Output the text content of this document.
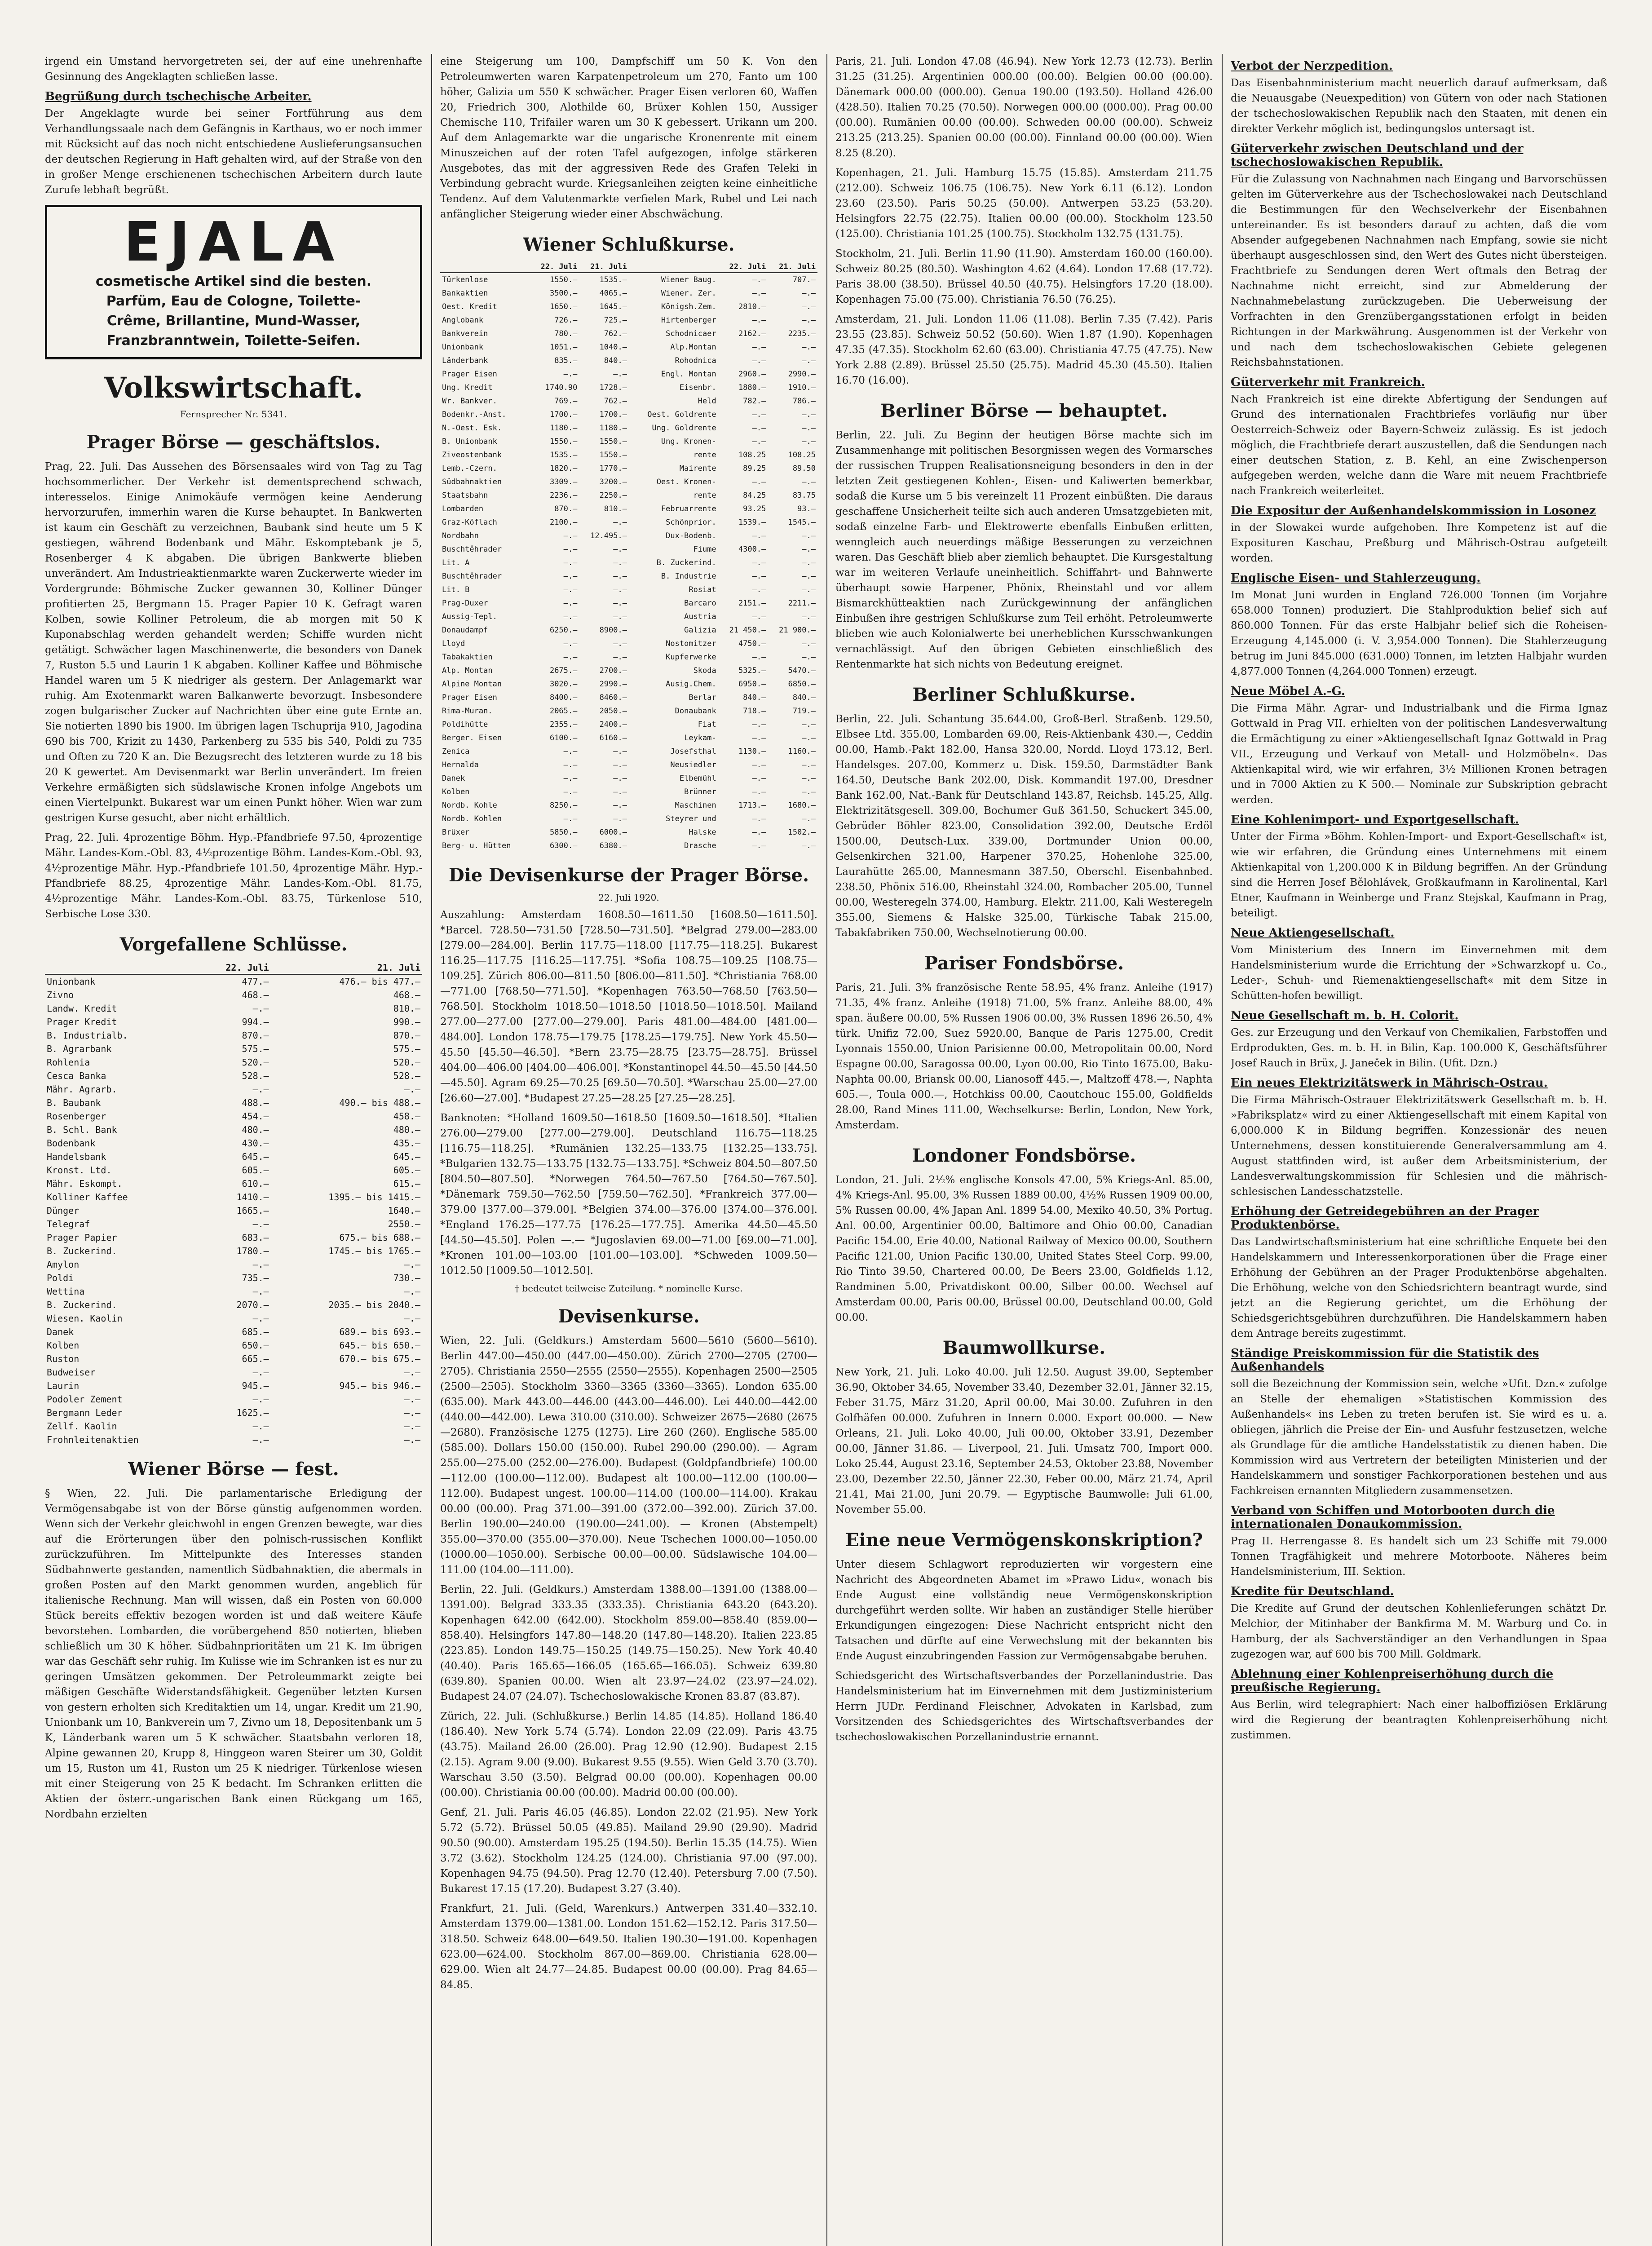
irgend ein Umstand hervorgetreten sei, der auf eine unehrenhafte Gesinnung des Angeklagten schließen lasse.

Begrüßung durch tschechische Arbeiter.

Der Angeklagte wurde bei seiner Fortführung aus dem Verhandlungssaale nach dem Gefängnis in Karthaus, wo er noch immer mit Rücksicht auf das noch nicht entschiedene Auslieferungsansuchen der deutschen Regierung in Haft gehalten wird, auf der Straße von den in großer Menge erschienenen tschechischen Arbeitern durch laute Zurufe lebhaft begrüßt.

EJALA
cosmetische Artikel sind die besten.
Parfüm, Eau de Cologne, Toilette-
Crême, Brillantine, Mund-Wasser,
Franzbranntwein, Toilette-Seifen.
Volkswirtschaft.
Fernsprecher Nr. 5341.
Prager Börse — geschäftslos.

Prag, 22. Juli. Das Aussehen des Börsensaales wird von Tag zu Tag hochsommerlicher. Der Verkehr ist dementsprechend schwach, interesselos. Einige Animokäufe vermögen keine Aenderung hervorzurufen, immerhin waren die Kurse behauptet. In Bankwerten ist kaum ein Geschäft zu verzeichnen, Baubank sind heute um 5 K gestiegen, während Bodenbank und Mähr. Eskomptebank je 5, Rosenberger 4 K abgaben. Die übrigen Bankwerte blieben unverändert. Am Industrieaktienmarkte waren Zuckerwerte wieder im Vordergrunde: Böhmische Zucker gewannen 30, Kolliner Dünger profitierten 25, Bergmann 15. Prager Papier 10 K. Gefragt waren Kolben, sowie Kolliner Petroleum, die ab morgen mit 50 K Kuponabschlag werden gehandelt werden; Schiffe wurden nicht getätigt. Schwächer lagen Maschinenwerte, die besonders von Danek 7, Ruston 5.5 und Laurin 1 K abgaben. Kolliner Kaffee und Böhmische Handel waren um 5 K niedriger als gestern. Der Anlagemarkt war ruhig. Am Exotenmarkt waren Balkanwerte bevorzugt. Insbesondere zogen bulgarischer Zucker auf Nachrichten über eine gute Ernte an. Sie notierten 1890 bis 1900. Im übrigen lagen Tschuprija 910, Jagodina 690 bis 700, Krizit zu 1430, Parkenberg zu 535 bis 540, Poldi zu 735 und Often zu 720 K an. Die Bezugsrecht des letzteren wurde zu 18 bis 20 K gewertet. Am Devisenmarkt war Berlin unverändert. Im freien Verkehre ermäßigten sich südslawische Kronen infolge Angebots um einen Viertelpunkt. Bukarest war um einen Punkt höher. Wien war zum gestrigen Kurse gesucht, aber nicht erhältlich.

Prag, 22. Juli. 4prozentige Böhm. Hyp.-Pfandbriefe 97.50, 4prozentige Mähr. Landes-Kom.-Obl. 83, 4½prozentige Böhm. Landes-Kom.-Obl. 93, 4½prozentige Mähr. Hyp.-Pfandbriefe 101.50, 4prozentige Mähr. Hyp.-Pfandbriefe 88.25, 4prozentige Mähr. Landes-Kom.-Obl. 81.75, 4½prozentige Mähr. Landes-Kom.-Obl. 83.75, Türkenlose 510, Serbische Lose 330.

Vorgefallene Schlüsse.
	22. Juli	21. Juli
Unionbank	477.—	476.— bis 477.—
Zivno	468.—	468.—
Landw. Kredit	—.—	810.—
Prager Kredit	994.—	990.—
B. Industrialb.	870.—	870.—
B. Agrarbank	575.—	575.—
Rohlenia	520.—	520.—
Cesca Banka	528.—	528.—
Mähr. Agrarb.	—.—	—.—
B. Baubank	488.—	490.— bis 488.—
Rosenberger	454.—	458.—
B. Schl. Bank	480.—	480.—
Bodenbank	430.—	435.—
Handelsbank	645.—	645.—
Kronst. Ltd.	605.—	605.—
Mähr. Eskompt.	610.—	615.—
Kolliner Kaffee	1410.—	1395.— bis 1415.—
Dünger	1665.—	1640.—
Telegraf	—.—	2550.—
Prager Papier	683.—	675.— bis 688.—
B. Zuckerind.	1780.—	1745.— bis 1765.—
Amylon	—.—	—.—
Poldi	735.—	730.—
Wettina	—.—	—.—
B. Zuckerind.	2070.—	2035.— bis 2040.—
Wiesen. Kaolin	—.—	—.—
Danek	685.—	689.— bis 693.—
Kolben	650.—	645.— bis 650.—
Ruston	665.—	670.— bis 675.—
Budweiser	—.—	—.—
Laurin	945.—	945.— bis 946.—
Podoler Zement	—.—	—.—
Bergmann Leder	1625.—	—.—
Zellf. Kaolin	—.—	—.—
Frohnleitenaktien	—.—	—.—
Wiener Börse — fest.

§ Wien, 22. Juli. Die parlamentarische Erledigung der Vermögensabgabe ist von der Börse günstig aufgenommen worden. Wenn sich der Verkehr gleichwohl in engen Grenzen bewegte, war dies auf die Erörterungen über den polnisch-russischen Konflikt zurückzuführen. Im Mittelpunkte des Interesses standen Südbahnwerte gestanden, namentlich Südbahnaktien, die abermals in großen Posten auf den Markt genommen wurden, angeblich für italienische Rechnung. Man will wissen, daß ein Posten von 60.000 Stück bereits effektiv bezogen worden ist und daß weitere Käufe bevorstehen. Lombarden, die vorübergehend 850 notierten, blieben schließlich um 30 K höher. Südbahnprioritäten um 21 K. Im übrigen war das Geschäft sehr ruhig. Im Kulisse wie im Schranken ist es nur zu geringen Umsätzen gekommen. Der Petroleummarkt zeigte bei mäßigen Geschäfte Widerstandsfähigkeit. Gegenüber letzten Kursen von gestern erholten sich Kreditaktien um 14, ungar. Kredit um 21.90, Unionbank um 10, Bankverein um 7, Zivno um 18, Depositenbank um 5 K, Länderbank waren um 5 K schwächer. Staatsbahn verloren 18, Alpine gewannen 20, Krupp 8, Hinggeon waren Steirer um 30, Goldit um 15, Ruston um 41, Ruston um 25 K niedriger. Türkenlose wiesen mit einer Steigerung von 25 K bedacht. Im Schranken erlitten die Aktien der österr.-ungarischen Bank einen Rückgang um 165, Nordbahn erzielten

eine Steigerung um 100, Dampfschiff um 50 K. Von den Petroleumwerten waren Karpatenpetroleum um 270, Fanto um 100 höher, Galizia um 550 K schwächer. Prager Eisen verloren 60, Waffen 20, Friedrich 300, Alothilde 60, Brüxer Kohlen 150, Aussiger Chemische 110, Trifailer waren um 30 K gebessert. Urikann um 200. Auf dem Anlagemarkte war die ungarische Kronenrente mit einem Minuszeichen auf der roten Tafel aufgezogen, infolge stärkeren Ausgebotes, das mit der aggressiven Rede des Grafen Teleki in Verbindung gebracht wurde. Kriegsanleihen zeigten keine einheitliche Tendenz. Auf dem Valutenmarkte verfielen Mark, Rubel und Lei nach anfänglicher Steigerung wieder einer Abschwächung.

Wiener Schlußkurse.
	22. Juli	21. Juli		22. Juli	21. Juli
Türkenlose	1550.—	1535.—	Wiener Baug.	—.—	707.—
Bankaktien	3500.—	4065.—	Wiener. Zer.	—.—	—.—
Oest. Kredit	1650.—	1645.—	Königsh.Zem.	2810.—	—.—
Anglobank	726.—	725.—	Hirtenberger	—.—	—.—
Bankverein	780.—	762.—	Schodnicaer	2162.—	2235.—
Unionbank	1051.—	1040.—	Alp.Montan	—.—	—.—
Länderbank	835.—	840.—	Rohodnica	—.—	—.—
Prager Eisen	—.—	—.—	Engl. Montan	2960.—	2990.—
Ung. Kredit	1740.90	1728.—	Eisenbr.	1880.—	1910.—
Wr. Bankver.	769.—	762.—	Held	782.—	786.—
Bodenkr.-Anst.	1700.—	1700.—	Oest. Goldrente	—.—	—.—
N.-Oest. Esk.	1180.—	1180.—	Ung. Goldrente	—.—	—.—
B. Unionbank	1550.—	1550.—	Ung. Kronen-	—.—	—.—
Ziveostenbank	1535.—	1550.—	rente	108.25	108.25
Lemb.-Czern.	1820.—	1770.—	Mairente	89.25	89.50
Südbahnaktien	3309.—	3200.—	Oest. Kronen-	—.—	—.—
Staatsbahn	2236.—	2250.—	rente	84.25	83.75
Lombarden	870.—	810.—	Februarrente	93.25	93.—
Graz-Köflach	2100.—	—.—	Schönprior.	1539.—	1545.—
Nordbahn	—.—	12.495.—	Dux-Bodenb.	—.—	—.—
Buschtěhrader	—.—	—.—	Fiume	4300.—	—.—
Lit. A	—.—	—.—	B. Zuckerind.	—.—	—.—
Buschtěhrader	—.—	—.—	B. Industrie	—.—	—.—
Lit. B	—.—	—.—	Rosiat	—.—	—.—
Prag-Duxer	—.—	—.—	Barcaro	2151.—	2211.—
Aussig-Tepl.	—.—	—.—	Austria	—.—	—.—
Donaudampf	6250.—	8900.—	Galizia	21 450.—	21 900.—
Lloyd	—.—	—.—	Nostomitzer	4750.—	—.—
Tabakaktien	—.—	—.—	Kupferwerke	—.—	—.—
Alp. Montan	2675.—	2700.—	Skoda	5325.—	5470.—
Alpine Montan	3020.—	2990.—	Ausig.Chem.	6950.—	6850.—
Prager Eisen	8400.—	8460.—	Berlar	840.—	840.—
Rima-Muran.	2065.—	2050.—	Donaubank	718.—	719.—
Poldihütte	2355.—	2400.—	Fiat	—.—	—.—
Berger. Eisen	6100.—	6160.—	Leykam-	—.—	—.—
Zenica	—.—	—.—	Josefsthal	1130.—	1160.—
Hernalda	—.—	—.—	Neusiedler	—.—	—.—
Danek	—.—	—.—	Elbemühl	—.—	—.—
Kolben	—.—	—.—	Brünner	—.—	—.—
Nordb. Kohle	8250.—	—.—	Maschinen	1713.—	1680.—
Nordb. Kohlen	—.—	—.—	Steyrer und	—.—	—.—
Brüxer	5850.—	6000.—	Halske	—.—	1502.—
Berg- u. Hütten	6300.—	6380.—	Drasche	—.—	—.—
Die Devisenkurse der Prager Börse.
22. Juli 1920.

Auszahlung: Amsterdam 1608.50—1611.50 [1608.50—1611.50]. *Barcel. 728.50—731.50 [728.50—731.50]. *Belgrad 279.00—283.00 [279.00—284.00]. Berlin 117.75—118.00 [117.75—118.25]. Bukarest 116.25—117.75 [116.25—117.75]. *Sofia 108.75—109.25 [108.75—109.25]. Zürich 806.00—811.50 [806.00—811.50]. *Christiania 768.00—771.00 [768.50—771.50]. *Kopenhagen 763.50—768.50 [763.50—768.50]. Stockholm 1018.50—1018.50 [1018.50—1018.50]. Mailand 277.00—277.00 [277.00—279.00]. Paris 481.00—484.00 [481.00—484.00]. London 178.75—179.75 [178.25—179.75]. New York 45.50—45.50 [45.50—46.50]. *Bern 23.75—28.75 [23.75—28.75]. Brüssel 404.00—406.00 [404.00—406.00]. *Konstantinopel 44.50—45.50 [44.50—45.50]. Agram 69.25—70.25 [69.50—70.50]. *Warschau 25.00—27.00 [26.60—27.00]. *Budapest 27.25—28.25 [27.25—28.25].

Banknoten: *Holland 1609.50—1618.50 [1609.50—1618.50]. *Italien 276.00—279.00 [277.00—279.00]. Deutschland 116.75—118.25 [116.75—118.25]. *Rumänien 132.25—133.75 [132.25—133.75]. *Bulgarien 132.75—133.75 [132.75—133.75]. *Schweiz 804.50—807.50 [804.50—807.50]. *Norwegen 764.50—767.50 [764.50—767.50]. *Dänemark 759.50—762.50 [759.50—762.50]. *Frankreich 377.00—379.00 [377.00—379.00]. *Belgien 374.00—376.00 [374.00—376.00]. *England 176.25—177.75 [176.25—177.75]. Amerika 44.50—45.50 [44.50—45.50]. Polen —.— *Jugoslavien 69.00—71.00 [69.00—71.00]. *Kronen 101.00—103.00 [101.00—103.00]. *Schweden 1009.50—1012.50 [1009.50—1012.50].

† bedeutet teilweise Zuteilung. * nominelle Kurse.
Devisenkurse.

Wien, 22. Juli. (Geldkurs.) Amsterdam 5600—5610 (5600—5610). Berlin 447.00—450.00 (447.00—450.00). Zürich 2700—2705 (2700—2705). Christiania 2550—2555 (2550—2555). Kopenhagen 2500—2505 (2500—2505). Stockholm 3360—3365 (3360—3365). London 635.00 (635.00). Mark 443.00—446.00 (443.00—446.00). Lei 440.00—442.00 (440.00—442.00). Lewa 310.00 (310.00). Schweizer 2675—2680 (2675—2680). Französische 1275 (1275). Lire 260 (260). Englische 585.00 (585.00). Dollars 150.00 (150.00). Rubel 290.00 (290.00). — Agram 255.00—275.00 (252.00—276.00). Budapest (Goldpfandbriefe) 100.00—112.00 (100.00—112.00). Budapest alt 100.00—112.00 (100.00—112.00). Budapest ungest. 100.00—114.00 (100.00—114.00). Krakau 00.00 (00.00). Prag 371.00—391.00 (372.00—392.00). Zürich 37.00. Berlin 190.00—240.00 (190.00—241.00). — Kronen (Abstempelt) 355.00—370.00 (355.00—370.00). Neue Tschechen 1000.00—1050.00 (1000.00—1050.00). Serbische 00.00—00.00. Südslawische 104.00—111.00 (104.00—111.00).

Berlin, 22. Juli. (Geldkurs.) Amsterdam 1388.00—1391.00 (1388.00—1391.00). Belgrad 333.35 (333.35). Christiania 643.20 (643.20). Kopenhagen 642.00 (642.00). Stockholm 859.00—858.40 (859.00—858.40). Helsingfors 147.80—148.20 (147.80—148.20). Italien 223.85 (223.85). London 149.75—150.25 (149.75—150.25). New York 40.40 (40.40). Paris 165.65—166.05 (165.65—166.05). Schweiz 639.80 (639.80). Spanien 00.00. Wien alt 23.97—24.02 (23.97—24.02). Budapest 24.07 (24.07). Tschechoslowakische Kronen 83.87 (83.87).

Zürich, 22. Juli. (Schlußkurse.) Berlin 14.85 (14.85). Holland 186.40 (186.40). New York 5.74 (5.74). London 22.09 (22.09). Paris 43.75 (43.75). Mailand 26.00 (26.00). Prag 12.90 (12.90). Budapest 2.15 (2.15). Agram 9.00 (9.00). Bukarest 9.55 (9.55). Wien Geld 3.70 (3.70). Warschau 3.50 (3.50). Belgrad 00.00 (00.00). Kopenhagen 00.00 (00.00). Christiania 00.00 (00.00). Madrid 00.00 (00.00).

Genf, 21. Juli. Paris 46.05 (46.85). London 22.02 (21.95). New York 5.72 (5.72). Brüssel 50.05 (49.85). Mailand 29.90 (29.90). Madrid 90.50 (90.00). Amsterdam 195.25 (194.50). Berlin 15.35 (14.75). Wien 3.72 (3.62). Stockholm 124.25 (124.00). Christiania 97.00 (97.00). Kopenhagen 94.75 (94.50). Prag 12.70 (12.40). Petersburg 7.00 (7.50). Bukarest 17.15 (17.20). Budapest 3.27 (3.40).

Frankfurt, 21. Juli. (Geld, Warenkurs.) Antwerpen 331.40—332.10. Amsterdam 1379.00—1381.00. London 151.62—152.12. Paris 317.50—318.50. Schweiz 648.00—649.50. Italien 190.30—191.00. Kopenhagen 623.00—624.00. Stockholm 867.00—869.00. Christiania 628.00—629.00. Wien alt 24.77—24.85. Budapest 00.00 (00.00). Prag 84.65—84.85.

Paris, 21. Juli. London 47.08 (46.94). New York 12.73 (12.73). Berlin 31.25 (31.25). Argentinien 000.00 (00.00). Belgien 00.00 (00.00). Dänemark 000.00 (000.00). Genua 190.00 (193.50). Holland 426.00 (428.50). Italien 70.25 (70.50). Norwegen 000.00 (000.00). Prag 00.00 (00.00). Rumänien 00.00 (00.00). Schweden 00.00 (00.00). Schweiz 213.25 (213.25). Spanien 00.00 (00.00). Finnland 00.00 (00.00). Wien 8.25 (8.20).

Kopenhagen, 21. Juli. Hamburg 15.75 (15.85). Amsterdam 211.75 (212.00). Schweiz 106.75 (106.75). New York 6.11 (6.12). London 23.60 (23.50). Paris 50.25 (50.00). Antwerpen 53.25 (53.20). Helsingfors 22.75 (22.75). Italien 00.00 (00.00). Stockholm 123.50 (125.00). Christiania 101.25 (100.75). Stockholm 132.75 (131.75).

Stockholm, 21. Juli. Berlin 11.90 (11.90). Amsterdam 160.00 (160.00). Schweiz 80.25 (80.50). Washington 4.62 (4.64). London 17.68 (17.72). Paris 38.00 (38.50). Brüssel 40.50 (40.75). Helsingfors 17.20 (18.00). Kopenhagen 75.00 (75.00). Christiania 76.50 (76.25).

Amsterdam, 21. Juli. London 11.06 (11.08). Berlin 7.35 (7.42). Paris 23.55 (23.85). Schweiz 50.52 (50.60). Wien 1.87 (1.90). Kopenhagen 47.35 (47.35). Stockholm 62.60 (63.00). Christiania 47.75 (47.75). New York 2.88 (2.89). Brüssel 25.50 (25.75). Madrid 45.30 (45.50). Italien 16.70 (16.00).

Berliner Börse — behauptet.

Berlin, 22. Juli. Zu Beginn der heutigen Börse machte sich im Zusammenhange mit politischen Besorgnissen wegen des Vormarsches der russischen Truppen Realisationsneigung besonders in den in der letzten Zeit gestiegenen Kohlen-, Eisen- und Kaliwerten bemerkbar, sodaß die Kurse um 5 bis vereinzelt 11 Prozent einbüßten. Die daraus geschaffene Unsicherheit teilte sich auch anderen Umsatzgebieten mit, sodaß einzelne Farb- und Elektrowerte ebenfalls Einbußen erlitten, wenngleich auch neuerdings mäßige Besserungen zu verzeichnen waren. Das Geschäft blieb aber ziemlich behauptet. Die Kursgestaltung war im weiteren Verlaufe uneinheitlich. Schiffahrt- und Bahnwerte überhaupt sowie Harpener, Phönix, Rheinstahl und vor allem Bismarckhütteaktien nach Zurückgewinnung der anfänglichen Einbußen ihre gestrigen Schlußkurse zum Teil erhöht. Petroleumwerte blieben wie auch Kolonialwerte bei unerheblichen Kursschwankungen vernachlässigt. Auf den übrigen Gebieten einschließlich des Rentenmarkte hat sich nichts von Bedeutung ereignet.

Berliner Schlußkurse.

Berlin, 22. Juli. Schantung 35.644.00, Groß-Berl. Straßenb. 129.50, Elbsee Ltd. 355.00, Lombarden 69.00, Reis-Aktienbank 430.—, Ceddin 00.00, Hamb.-Pakt 182.00, Hansa 320.00, Nordd. Lloyd 173.12, Berl. Handelsges. 207.00, Kommerz u. Disk. 159.50, Darmstädter Bank 164.50, Deutsche Bank 202.00, Disk. Kommandit 197.00, Dresdner Bank 162.00, Nat.-Bank für Deutschland 143.87, Reichsb. 145.25, Allg. Elektrizitätsgesell. 309.00, Bochumer Guß 361.50, Schuckert 345.00, Gebrüder Böhler 823.00, Consolidation 392.00, Deutsche Erdöl 1500.00, Deutsch-Lux. 339.00, Dortmunder Union 00.00, Gelsenkirchen 321.00, Harpener 370.25, Hohenlohe 325.00, Laurahütte 265.00, Mannesmann 387.50, Oberschl. Eisenbahnbed. 238.50, Phönix 516.00, Rheinstahl 324.00, Rombacher 205.00, Tunnel 00.00, Westeregeln 374.00, Hamburg. Elektr. 211.00, Kali Westeregeln 355.00, Siemens & Halske 325.00, Türkische Tabak 215.00, Tabakfabriken 750.00, Wechselnotierung 00.00.

Pariser Fondsbörse.

Paris, 21. Juli. 3% französische Rente 58.95, 4% franz. Anleihe (1917) 71.35, 4% franz. Anleihe (1918) 71.00, 5% franz. Anleihe 88.00, 4% span. äußere 00.00, 5% Russen 1906 00.00, 3% Russen 1896 26.50, 4% türk. Unifiz 72.00, Suez 5920.00, Banque de Paris 1275.00, Credit Lyonnais 1550.00, Union Parisienne 00.00, Metropolitain 00.00, Nord Espagne 00.00, Saragossa 00.00, Lyon 00.00, Rio Tinto 1675.00, Baku-Naphta 00.00, Briansk 00.00, Lianosoff 445.—, Maltzoff 478.—, Naphta 605.—, Toula 000.—, Hotchkiss 00.00, Caoutchouc 155.00, Goldfields 28.00, Rand Mines 111.00, Wechselkurse: Berlin, London, New York, Amsterdam.

Londoner Fondsbörse.

London, 21. Juli. 2½% englische Konsols 47.00, 5% Kriegs-Anl. 85.00, 4% Kriegs-Anl. 95.00, 3% Russen 1889 00.00, 4½% Russen 1909 00.00, 5% Russen 00.00, 4% Japan Anl. 1899 54.00, Mexiko 40.50, 3% Portug. Anl. 00.00, Argentinier 00.00, Baltimore and Ohio 00.00, Canadian Pacific 154.00, Erie 40.00, National Railway of Mexico 00.00, Southern Pacific 121.00, Union Pacific 130.00, United States Steel Corp. 99.00, Rio Tinto 39.50, Chartered 00.00, De Beers 23.00, Goldfields 1.12, Randminen 5.00, Privatdiskont 00.00, Silber 00.00. Wechsel auf Amsterdam 00.00, Paris 00.00, Brüssel 00.00, Deutschland 00.00, Gold 00.00.

Baumwollkurse.

New York, 21. Juli. Loko 40.00. Juli 12.50. August 39.00, September 36.90, Oktober 34.65, November 33.40, Dezember 32.01, Jänner 32.15, Feber 31.75, März 31.20, April 00.00, Mai 30.00. Zufuhren in den Golfhäfen 00.000. Zufuhren in Innern 0.000. Export 00.000. — New Orleans, 21. Juli. Loko 40.00, Juli 00.00, Oktober 33.91, Dezember 00.00, Jänner 31.86. — Liverpool, 21. Juli. Umsatz 700, Import 000. Loko 25.44, August 23.16, September 24.53, Oktober 23.88, November 23.00, Dezember 22.50, Jänner 22.30, Feber 00.00, März 21.74, April 21.41, Mai 21.00, Juni 20.79. — Egyptische Baumwolle: Juli 61.00, November 55.00.

Eine neue Vermögenskonskription?

Unter diesem Schlagwort reproduzierten wir vorgestern eine Nachricht des Abgeordneten Abamet im »Prawo Lidu«, wonach bis Ende August eine vollständig neue Vermögenskonskription durchgeführt werden sollte. Wir haben an zuständiger Stelle hierüber Erkundigungen eingezogen: Diese Nachricht entspricht nicht den Tatsachen und dürfte auf eine Verwechslung mit der bekannten bis Ende August einzubringenden Fassion zur Vermögensabgabe beruhen.

Schiedsgericht des Wirtschaftsverbandes der Porzellanindustrie. Das Handelsministerium hat im Einvernehmen mit dem Justizministerium Herrn JUDr. Ferdinand Fleischner, Advokaten in Karlsbad, zum Vorsitzenden des Schiedsgerichtes des Wirtschaftsverbandes der tschechoslowakischen Porzellanindustrie ernannt.

Verbot der Nerzpedition.

Das Eisenbahnministerium macht neuerlich darauf aufmerksam, daß die Neuausgabe (Neuexpedition) von Gütern von oder nach Stationen der tschechoslowakischen Republik nach den Staaten, mit denen ein direkter Verkehr möglich ist, bedingungslos untersagt ist.

Güterverkehr zwischen Deutschland und der tschechoslowakischen Republik.

Für die Zulassung von Nachnahmen nach Eingang und Barvorschüssen gelten im Güterverkehre aus der Tschechoslowakei nach Deutschland die Bestimmungen für den Wechselverkehr der Eisenbahnen untereinander. Es ist besonders darauf zu achten, daß die vom Absender aufgegebenen Nachnahmen nach Empfang, sowie sie nicht überhaupt ausgeschlossen sind, den Wert des Gutes nicht übersteigen. Frachtbriefe zu Sendungen deren Wert oftmals den Betrag der Nachnahme nicht erreicht, sind zur Abmelderung der Nachnahmebelastung zurückzugeben. Die Ueberweisung der Vorfrachten in den Grenzübergangsstationen erfolgt in beiden Richtungen in der Markwährung. Ausgenommen ist der Verkehr von und nach dem tschechoslowakischen Gebiete gelegenen Reichsbahnstationen.

Güterverkehr mit Frankreich.

Nach Frankreich ist eine direkte Abfertigung der Sendungen auf Grund des internationalen Frachtbriefes vorläufig nur über Oesterreich-Schweiz oder Bayern-Schweiz zulässig. Es ist jedoch möglich, die Frachtbriefe derart auszustellen, daß die Sendungen nach einer deutschen Station, z. B. Kehl, an eine Zwischenperson aufgegeben werden, welche dann die Ware mit neuem Frachtbriefe nach Frankreich weiterleitet.

Die Expositur der Außenhandelskommission in Losonez

in der Slowakei wurde aufgehoben. Ihre Kompetenz ist auf die Exposituren Kaschau, Preßburg und Mährisch-Ostrau aufgeteilt worden.

Englische Eisen- und Stahlerzeugung.

Im Monat Juni wurden in England 726.000 Tonnen (im Vorjahre 658.000 Tonnen) produziert. Die Stahlproduktion belief sich auf 860.000 Tonnen. Für das erste Halbjahr belief sich die Roheisen-Erzeugung 4,145.000 (i. V. 3,954.000 Tonnen). Die Stahlerzeugung betrug im Juni 845.000 (631.000) Tonnen, im letzten Halbjahr wurden 4,877.000 Tonnen (4,264.000 Tonnen) erzeugt.

Neue Möbel A.-G.

Die Firma Mähr. Agrar- und Industrialbank und die Firma Ignaz Gottwald in Prag VII. erhielten von der politischen Landesverwaltung die Ermächtigung zu einer »Aktiengesellschaft Ignaz Gottwald in Prag VII., Erzeugung und Verkauf von Metall- und Holzmöbeln«. Das Aktienkapital wird, wie wir erfahren, 3½ Millionen Kronen betragen und in 7000 Aktien zu K 500.— Nominale zur Subskription gebracht werden.

Eine Kohlenimport- und Exportgesellschaft.

Unter der Firma »Böhm. Kohlen-Import- und Export-Gesellschaft« ist, wie wir erfahren, die Gründung eines Unternehmens mit einem Aktienkapital von 1,200.000 K in Bildung begriffen. An der Gründung sind die Herren Josef Bělohlávek, Großkaufmann in Karolinental, Karl Etner, Kaufmann in Weinberge und Franz Stejskal, Kaufmann in Prag, beteiligt.

Neue Aktiengesellschaft.

Vom Ministerium des Innern im Einvernehmen mit dem Handelsministerium wurde die Errichtung der »Schwarzkopf u. Co., Leder-, Schuh- und Riemenaktiengesellschaft« mit dem Sitze in Schütten-hofen bewilligt.

Neue Gesellschaft m. b. H. Colorit.

Ges. zur Erzeugung und den Verkauf von Chemikalien, Farbstoffen und Erdprodukten, Ges. m. b. H. in Bilin, Kap. 100.000 K, Geschäftsführer Josef Rauch in Brüx, J. Janeček in Bilin. (Ufit. Dzn.)

Ein neues Elektrizitätswerk in Mährisch-Ostrau.

Die Firma Mährisch-Ostrauer Elektrizitätswerk Gesellschaft m. b. H. »Fabriksplatz« wird zu einer Aktiengesellschaft mit einem Kapital von 6,000.000 K in Bildung begriffen. Konzessionär des neuen Unternehmens, dessen konstituierende Generalversammlung am 4. August stattfinden wird, ist außer dem Arbeitsministerium, der Landesverwaltungskommission für Schlesien und die mährisch-schlesischen Landesschatzstelle.

Erhöhung der Getreidegebühren an der Prager Produktenbörse.

Das Landwirtschaftsministerium hat eine schriftliche Enquete bei den Handelskammern und Interessenkorporationen über die Frage einer Erhöhung der Gebühren an der Prager Produktenbörse abgehalten. Die Erhöhung, welche von den Schiedsrichtern beantragt wurde, sind jetzt an die Regierung gerichtet, um die Erhöhung der Schiedsgerichtsgebühren durchzuführen. Die Handelskammern haben dem Antrage bereits zugestimmt.

Ständige Preiskommission für die Statistik des Außenhandels

soll die Bezeichnung der Kommission sein, welche »Ufit. Dzn.« zufolge an Stelle der ehemaligen »Statistischen Kommission des Außenhandels« ins Leben zu treten berufen ist. Sie wird es u. a. obliegen, jährlich die Preise der Ein- und Ausfuhr festzusetzen, welche als Grundlage für die amtliche Handelsstatistik zu dienen haben. Die Kommission wird aus Vertretern der beteiligten Ministerien und der Handelskammern und sonstiger Fachkorporationen bestehen und aus Fachkreisen ernannten Mitgliedern zusammensetzen.

Verband von Schiffen und Motorbooten durch die internationalen Donaukommission.

Prag II. Herrengasse 8. Es handelt sich um 23 Schiffe mit 79.000 Tonnen Tragfähigkeit und mehrere Motorboote. Näheres beim Handelsministerium, III. Sektion.

Kredite für Deutschland.

Die Kredite auf Grund der deutschen Kohlenlieferungen schätzt Dr. Melchior, der Mitinhaber der Bankfirma M. M. Warburg und Co. in Hamburg, der als Sachverständiger an den Verhandlungen in Spaa zugezogen war, auf 600 bis 700 Mill. Goldmark.

Ablehnung einer Kohlenpreiserhöhung durch die preußische Regierung.

Aus Berlin, wird telegraphiert: Nach einer halboffiziösen Erklärung wird die Regierung der beantragten Kohlenpreiserhöhung nicht zustimmen.
